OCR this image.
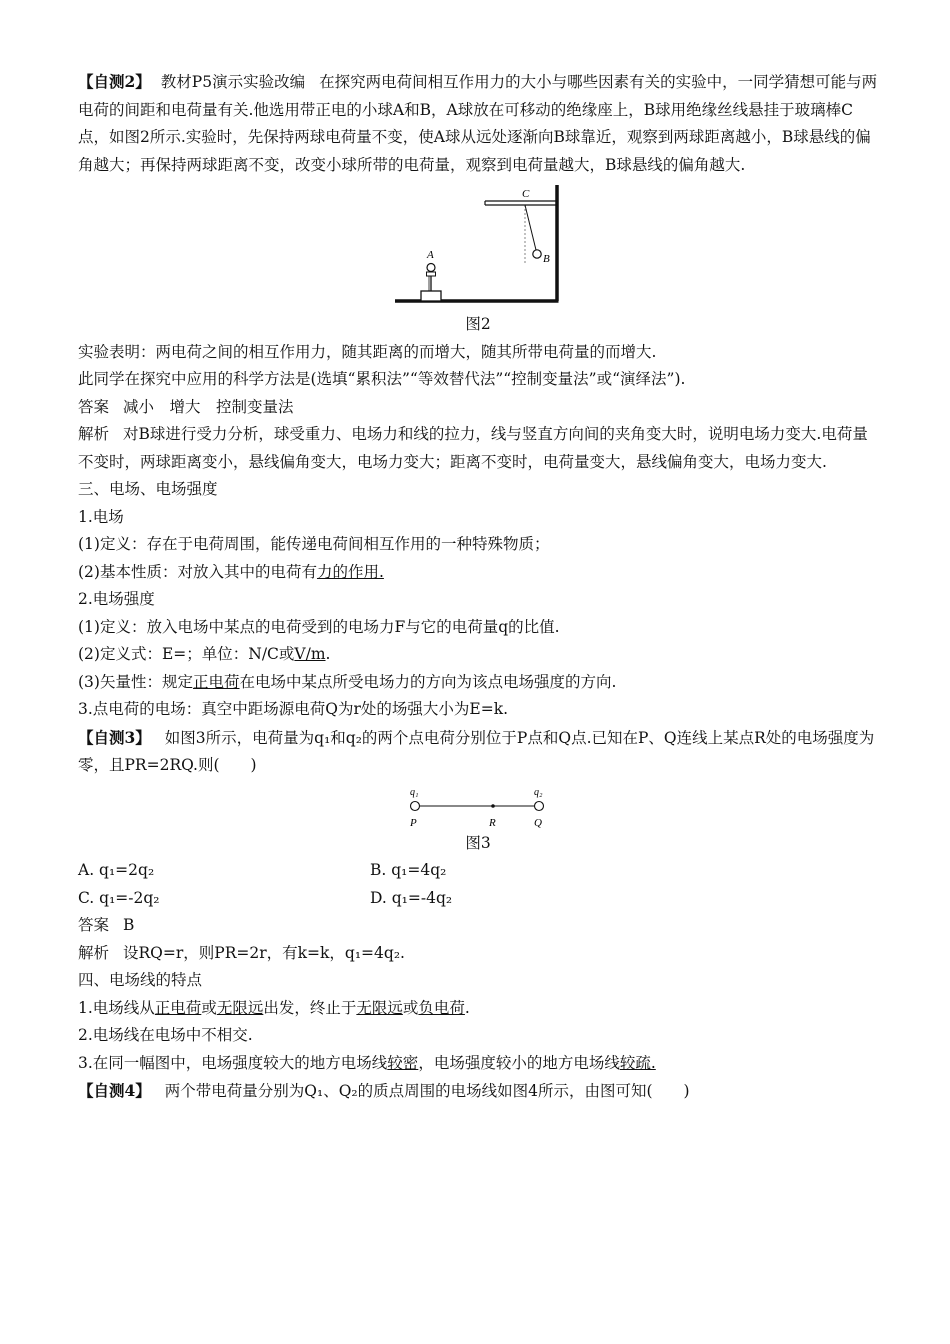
【自测2】 教材P5演示实验改编 在探究两电荷间相互作用力的大小与哪些因素有关的实验中，一同学猜想可能与两电荷的间距和电荷量有关.他选用带正电的小球A和B，A球放在可移动的绝缘座上，B球用绝缘丝线悬挂于玻璃棒C点，如图2所示.实验时，先保持两球电荷量不变，使A球从远处逐渐向B球靠近，观察到两球距离越小，B球悬线的偏角越大；再保持两球距离不变，改变小球所带的电荷量，观察到电荷量越大，B球悬线的偏角越大.

A	B
C

图2

实验表明：两电荷之间的相互作用力，随其距离的而增大，随其所带电荷量的而增大.

此同学在探究中应用的科学方法是(选填“累积法”“等效替代法”“控制变量法”或“演绎法”).

答案 减小　增大　控制变量法

解析 对B球进行受力分析，球受重力、电场力和线的拉力，线与竖直方向间的夹角变大时，说明电场力变大.电荷量不变时，两球距离变小，悬线偏角变大，电场力变大；距离不变时，电荷量变大，悬线偏角变大，电场力变大.

三、电场、电场强度

1.电场

(1)定义：存在于电荷周围，能传递电荷间相互作用的一种特殊物质；

(2)基本性质：对放入其中的电荷有力的作用.

2.电场强度

(1)定义：放入电场中某点的电荷受到的电场力F与它的电荷量q的比值.

(2)定义式：E=；单位：N/C或V/m.

(3)矢量性：规定正电荷在电场中某点所受电场力的方向为该点电场强度的方向.

3.点电荷的电场：真空中距场源电荷Q为r处的场强大小为E=k.

【自测3】 如图3所示，电荷量为q₁和q₂的两个点电荷分别位于P点和Q点.已知在P、Q连线上某点R处的电场强度为零，且PR=2RQ.则(　　)

q₁	q₂
P	R	Q

图3

A. q₁=2q₂	B. q₁=4q₂

C. q₁=-2q₂	D. q₁=-4q₂

答案 B

解析 设RQ=r，则PR=2r，有k=k，q₁=4q₂.

四、电场线的特点

1.电场线从正电荷或无限远出发，终止于无限远或负电荷.

2.电场线在电场中不相交.

3.在同一幅图中，电场强度较大的地方电场线较密，电场强度较小的地方电场线较疏.

【自测4】 两个带电荷量分别为Q₁、Q₂的质点周围的电场线如图4所示，由图可知(　　)
